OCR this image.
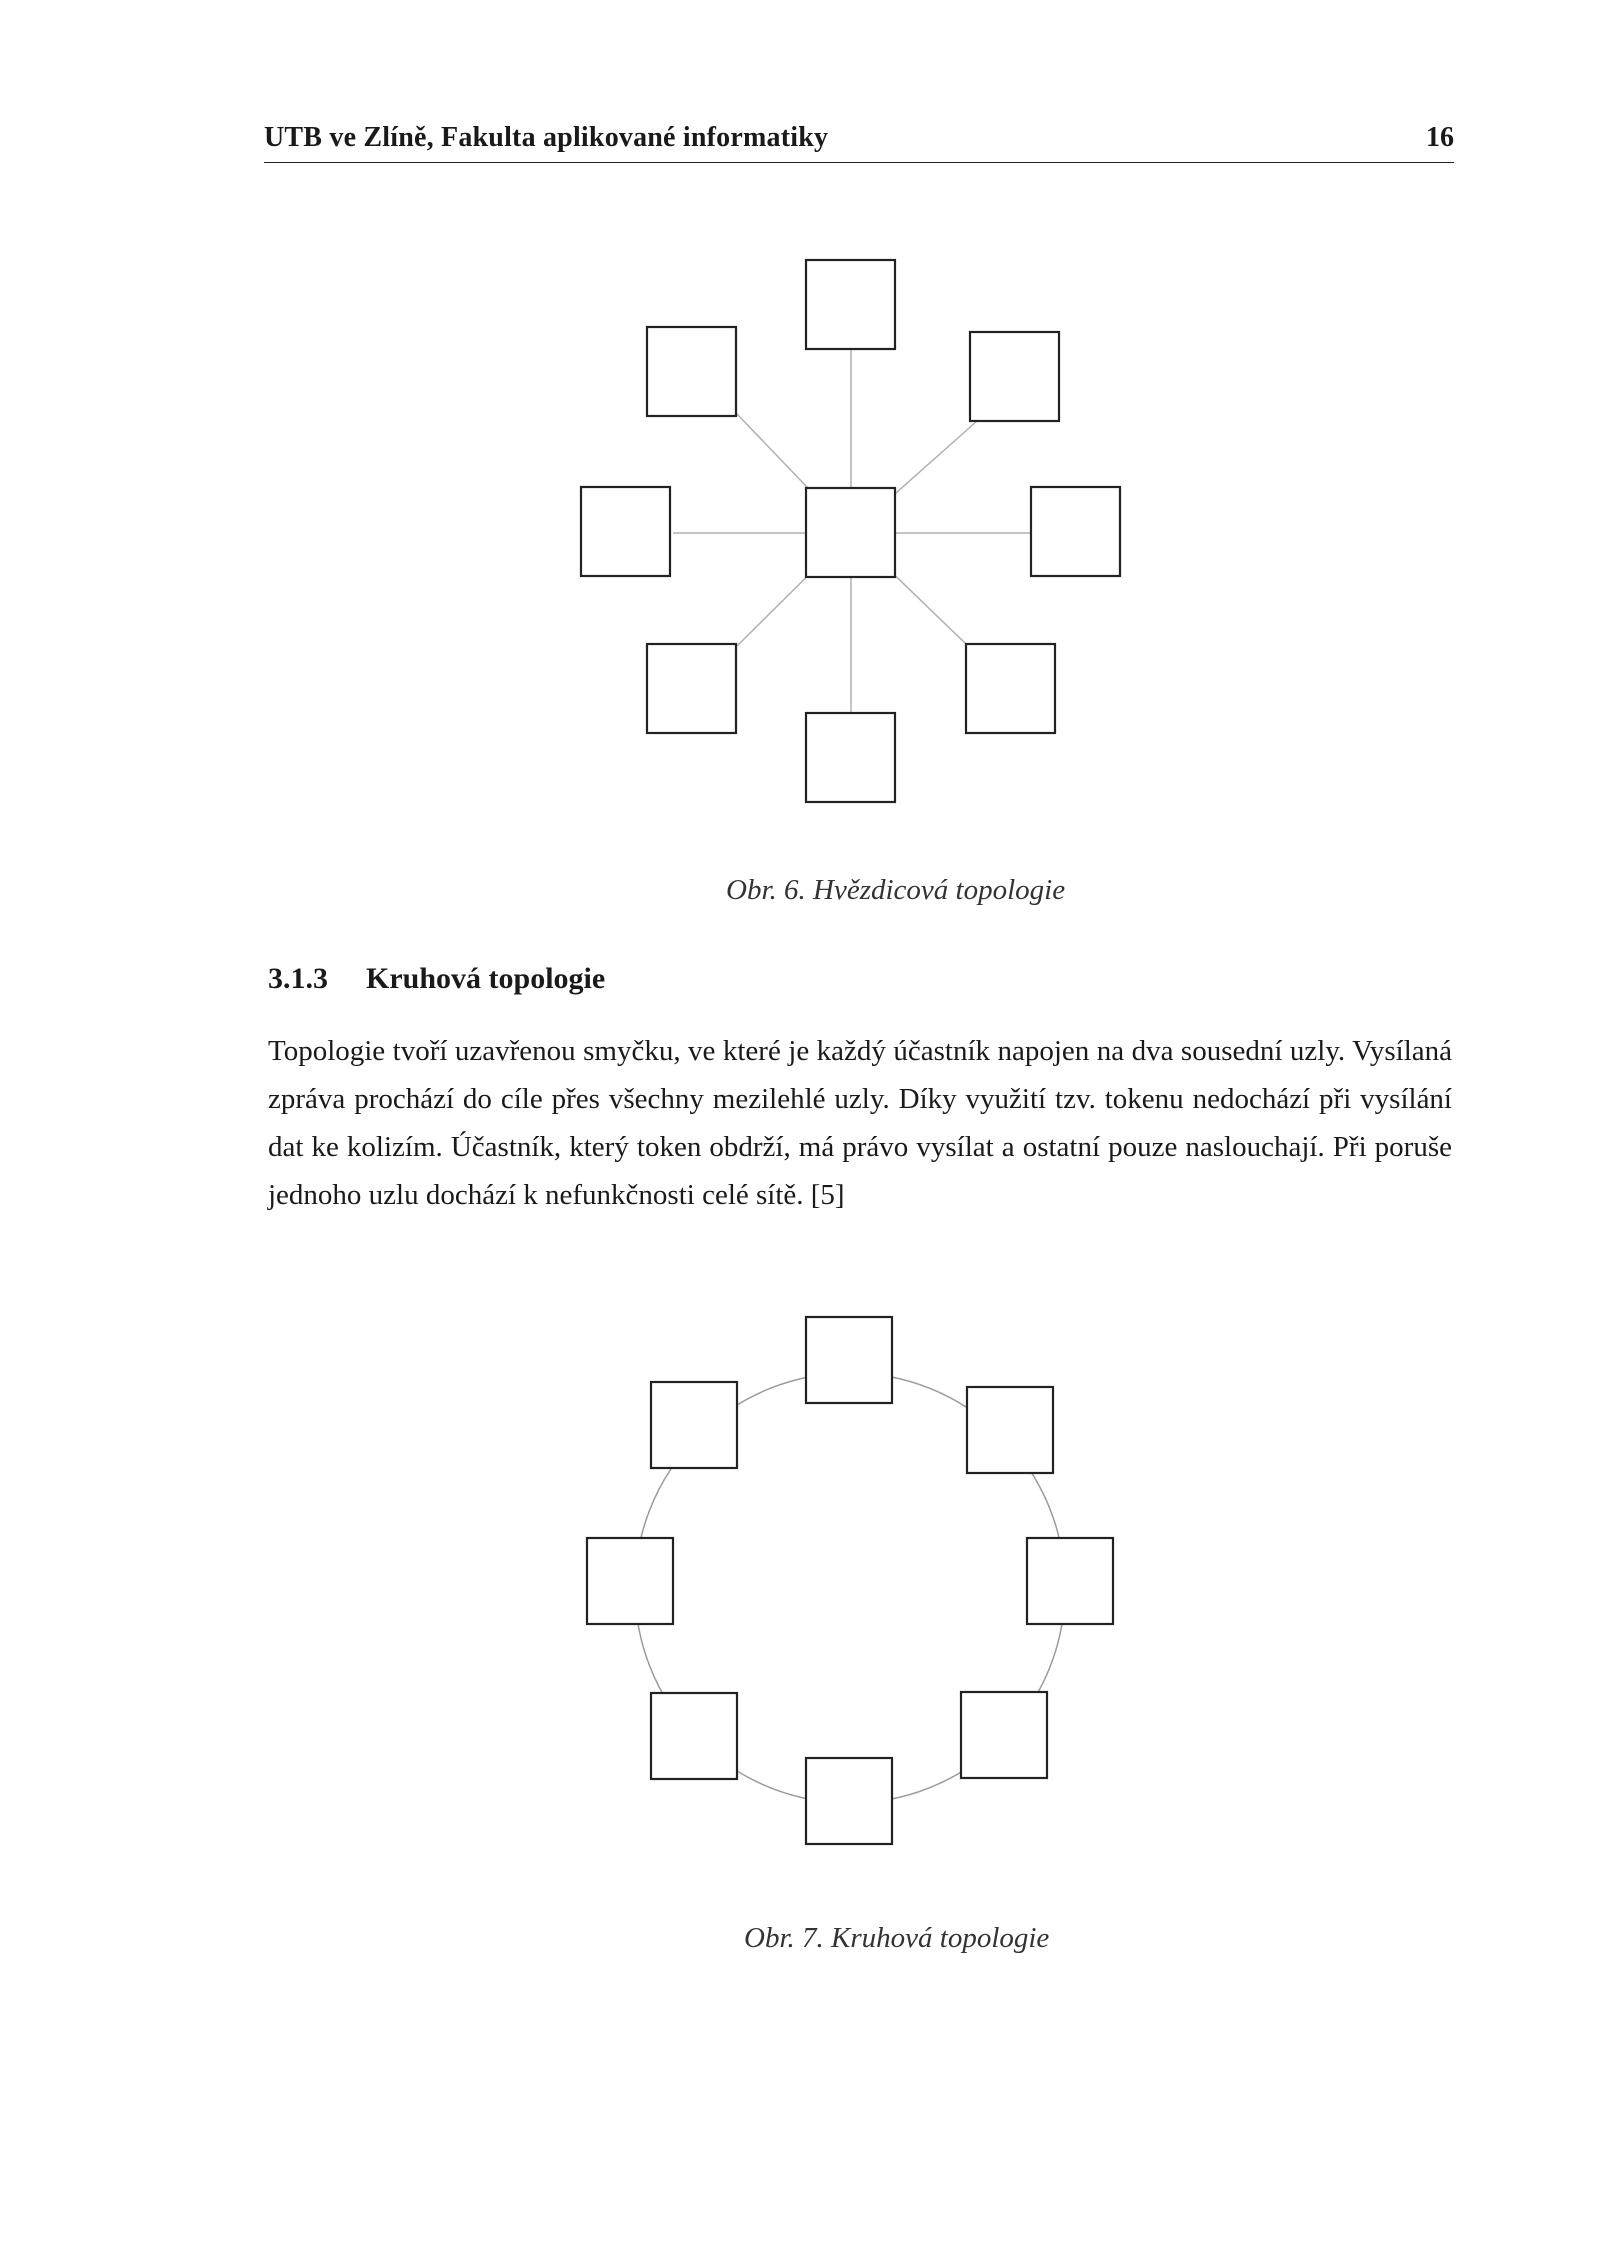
UTB ve Zlíně, Fakulta aplikované informatiky	16
Obr. 6. Hvězdicová topologie
3.1.3 Kruhová topologie
Topologie tvoří uzavřenou smyčku, ve které je každý účastník napojen na dva sousední uzly. Vysílaná zpráva prochází do cíle přes všechny mezilehlé uzly. Díky využití tzv. tokenu nedochází při vysílání dat ke kolizím. Účastník, který token obdrží, má právo vysílat a ostatní pouze naslouchají. Při poruše jednoho uzlu dochází k nefunkčnosti celé sítě. [5]
Obr. 7. Kruhová topologie
